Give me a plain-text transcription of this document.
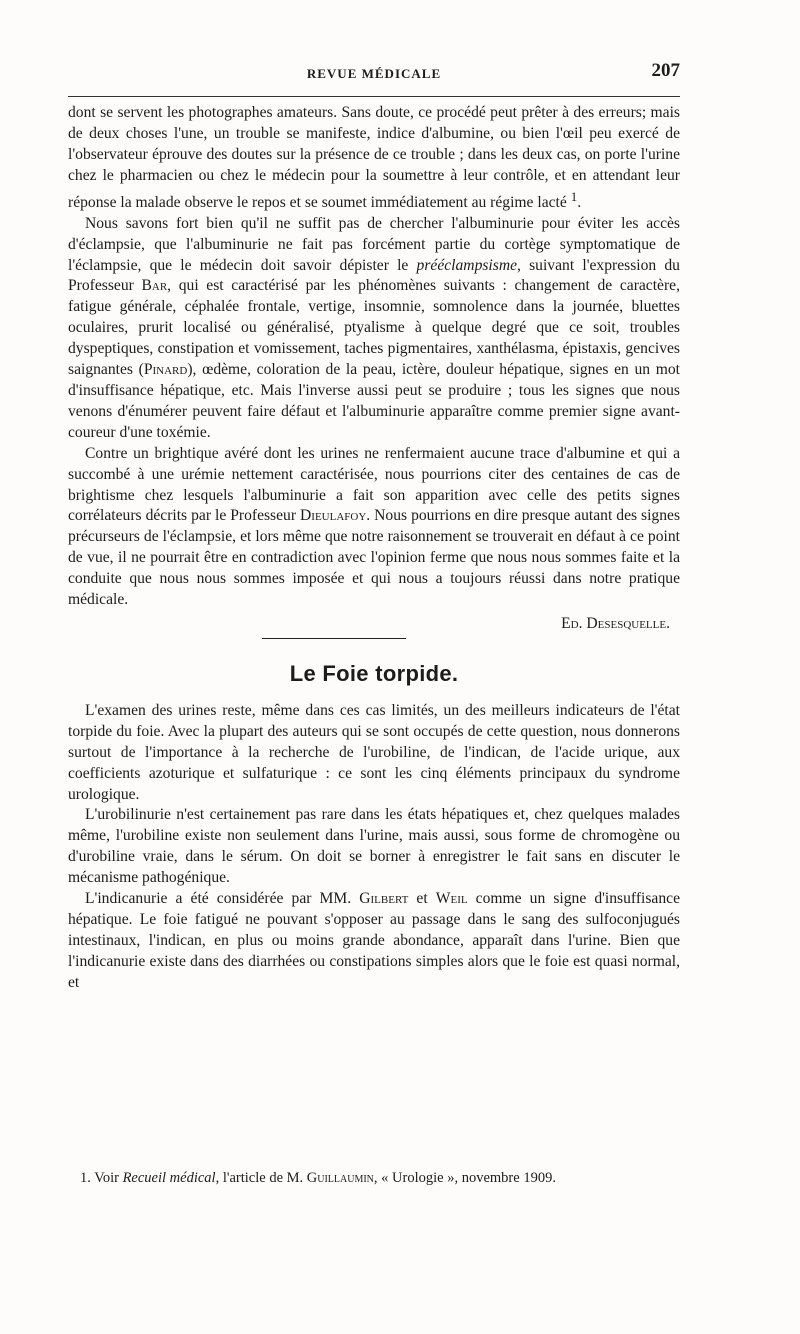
REVUE MÉDICALE	207

dont se servent les photographes amateurs. Sans doute, ce procédé peut prêter à des erreurs; mais de deux choses l'une, un trouble se manifeste, indice d'albumine, ou bien l'œil peu exercé de l'observateur éprouve des doutes sur la présence de ce trouble ; dans les deux cas, on porte l'urine chez le pharmacien ou chez le médecin pour la soumettre à leur contrôle, et en attendant leur réponse la malade observe le repos et se soumet immédiatement au régime lacté $^1$.

Nous savons fort bien qu'il ne suffit pas de chercher l'albuminurie pour éviter les accès d'éclampsie, que l'albuminurie ne fait pas forcément partie du cortège symptomatique de l'éclampsie, que le médecin doit savoir dépister le prééclampsisme, suivant l'expression du Professeur Bar, qui est caractérisé par les phénomènes suivants : changement de caractère, fatigue générale, céphalée frontale, vertige, insomnie, somnolence dans la journée, bluettes oculaires, prurit localisé ou généralisé, ptyalisme à quelque degré que ce soit, troubles dyspeptiques, constipation et vomissement, taches pigmentaires, xanthélasma, épistaxis, gencives saignantes (Pinard), œdème, coloration de la peau, ictère, douleur hépatique, signes en un mot d'insuffisance hépatique, etc. Mais l'inverse aussi peut se produire ; tous les signes que nous venons d'énumérer peuvent faire défaut et l'albuminurie apparaître comme premier signe avant-coureur d'une toxémie.

Contre un brightique avéré dont les urines ne renfermaient aucune trace d'albumine et qui a succombé à une urémie nettement caractérisée, nous pourrions citer des centaines de cas de brightisme chez lesquels l'albuminurie a fait son apparition avec celle des petits signes corrélateurs décrits par le Professeur Dieulafoy. Nous pourrions en dire presque autant des signes précurseurs de l'éclampsie, et lors même que notre raisonnement se trouverait en défaut à ce point de vue, il ne pourrait être en contradiction avec l'opinion ferme que nous nous sommes faite et la conduite que nous nous sommes imposée et qui nous a toujours réussi dans notre pratique médicale.

Ed. Desesquelle.
Le Foie torpide.

L'examen des urines reste, même dans ces cas limités, un des meilleurs indicateurs de l'état torpide du foie. Avec la plupart des auteurs qui se sont occupés de cette question, nous donnerons surtout de l'importance à la recherche de l'urobiline, de l'indican, de l'acide urique, aux coefficients azoturique et sulfaturique : ce sont les cinq éléments principaux du syndrome urologique.

L'urobilinurie n'est certainement pas rare dans les états hépatiques et, chez quelques malades même, l'urobiline existe non seulement dans l'urine, mais aussi, sous forme de chromogène ou d'urobiline vraie, dans le sérum. On doit se borner à enregistrer le fait sans en discuter le mécanisme pathogénique.

L'indicanurie a été considérée par MM. Gilbert et Weil comme un signe d'insuffisance hépatique. Le foie fatigué ne pouvant s'opposer au passage dans le sang des sulfoconjugués intestinaux, l'indican, en plus ou moins grande abondance, apparaît dans l'urine. Bien que l'indicanurie existe dans des diarrhées ou constipations simples alors que le foie est quasi normal, et

1. Voir Recueil médical, l'article de M. Guillaumin, « Urologie », novembre 1909.
